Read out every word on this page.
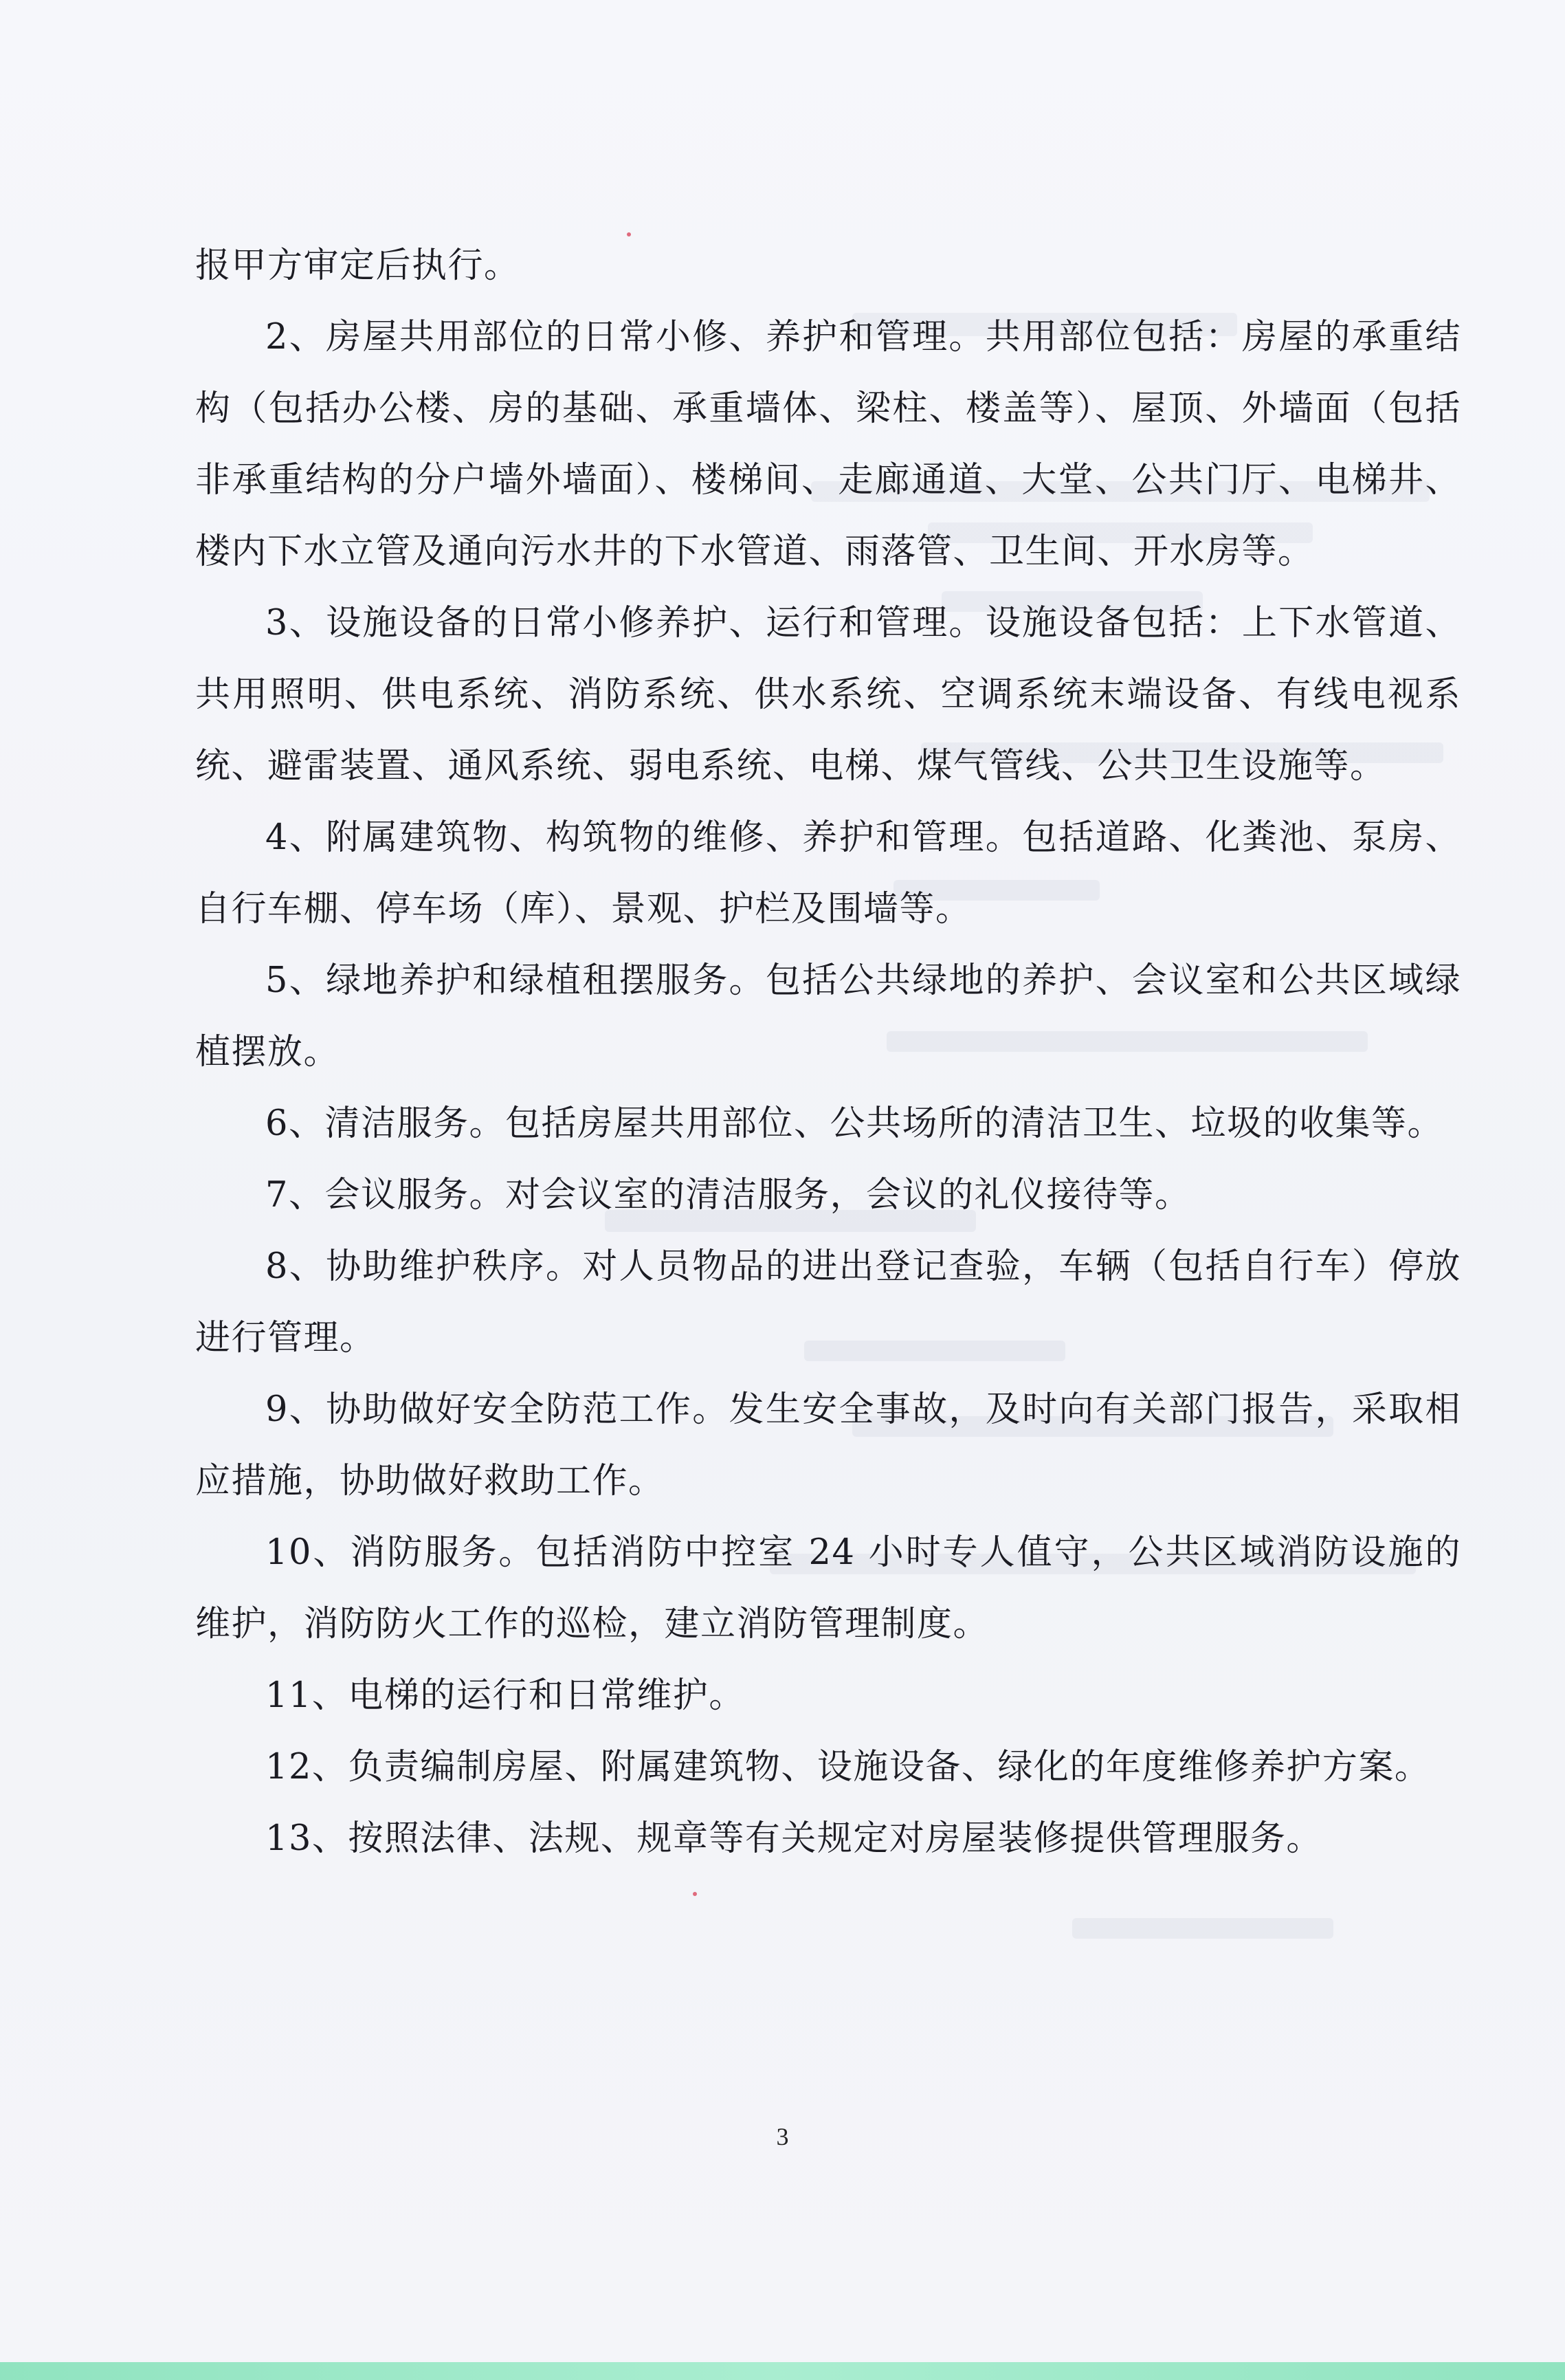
报甲方审定后执行。

2、房屋共用部位的日常小修、养护和管理。共用部位包括：房屋的承重结构（包括办公楼、房的基础、承重墙体、梁柱、楼盖等）、屋顶、外墙面（包括非承重结构的分户墙外墙面）、楼梯间、走廊通道、大堂、公共门厅、电梯井、楼内下水立管及通向污水井的下水管道、雨落管、卫生间、开水房等。

3、设施设备的日常小修养护、运行和管理。设施设备包括：上下水管道、共用照明、供电系统、消防系统、供水系统、空调系统末端设备、有线电视系统、避雷装置、通风系统、弱电系统、电梯、煤气管线、公共卫生设施等。

4、附属建筑物、构筑物的维修、养护和管理。包括道路、化粪池、泵房、自行车棚、停车场（库）、景观、护栏及围墙等。

5、绿地养护和绿植租摆服务。包括公共绿地的养护、会议室和公共区域绿植摆放。

6、清洁服务。包括房屋共用部位、公共场所的清洁卫生、垃圾的收集等。

7、会议服务。对会议室的清洁服务，会议的礼仪接待等。

8、协助维护秩序。对人员物品的进出登记查验，车辆（包括自行车）停放进行管理。

9、协助做好安全防范工作。发生安全事故，及时向有关部门报告，采取相应措施，协助做好救助工作。

10、消防服务。包括消防中控室 24 小时专人值守，公共区域消防设施的维护，消防防火工作的巡检，建立消防管理制度。

11、电梯的运行和日常维护。

12、负责编制房屋、附属建筑物、设施设备、绿化的年度维修养护方案。

13、按照法律、法规、规章等有关规定对房屋装修提供管理服务。

3
